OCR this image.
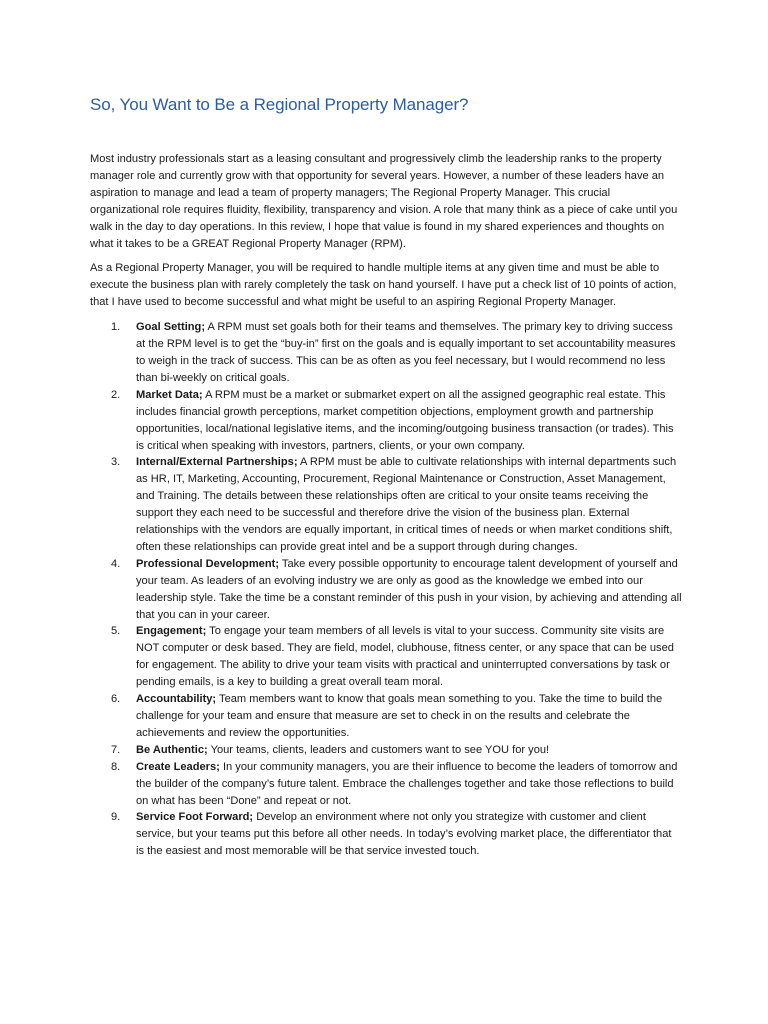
So, You Want to Be a Regional Property Manager?

Most industry professionals start as a leasing consultant and progressively climb the leadership ranks to the property manager role and currently grow with that opportunity for several years. However, a number of these leaders have an aspiration to manage and lead a team of property managers; The Regional Property Manager. This crucial organizational role requires fluidity, flexibility, transparency and vision. A role that many think as a piece of cake until you walk in the day to day operations. In this review, I hope that value is found in my shared experiences and thoughts on what it takes to be a GREAT Regional Property Manager (RPM).

As a Regional Property Manager, you will be required to handle multiple items at any given time and must be able to execute the business plan with rarely completely the task on hand yourself. I have put a check list of 10 points of action, that I have used to become successful and what might be useful to an aspiring Regional Property Manager.

1. Goal Setting; A RPM must set goals both for their teams and themselves. The primary key to driving success at the RPM level is to get the “buy-in” first on the goals and is equally important to set accountability measures to weigh in the track of success. This can be as often as you feel necessary, but I would recommend no less than bi-weekly on critical goals.
2. Market Data; A RPM must be a market or submarket expert on all the assigned geographic real estate. This includes financial growth perceptions, market competition objections, employment growth and partnership opportunities, local/national legislative items, and the incoming/outgoing business transaction (or trades). This is critical when speaking with investors, partners, clients, or your own company.
3. Internal/External Partnerships; A RPM must be able to cultivate relationships with internal departments such as HR, IT, Marketing, Accounting, Procurement, Regional Maintenance or Construction, Asset Management, and Training. The details between these relationships often are critical to your onsite teams receiving the support they each need to be successful and therefore drive the vision of the business plan. External relationships with the vendors are equally important, in critical times of needs or when market conditions shift, often these relationships can provide great intel and be a support through during changes.
4. Professional Development; Take every possible opportunity to encourage talent development of yourself and your team. As leaders of an evolving industry we are only as good as the knowledge we embed into our leadership style. Take the time be a constant reminder of this push in your vision, by achieving and attending all that you can in your career.
5. Engagement; To engage your team members of all levels is vital to your success. Community site visits are NOT computer or desk based. They are field, model, clubhouse, fitness center, or any space that can be used for engagement. The ability to drive your team visits with practical and uninterrupted conversations by task or pending emails, is a key to building a great overall team moral.
6. Accountability; Team members want to know that goals mean something to you. Take the time to build the challenge for your team and ensure that measure are set to check in on the results and celebrate the achievements and review the opportunities.
7. Be Authentic; Your teams, clients, leaders and customers want to see YOU for you!
8. Create Leaders; In your community managers, you are their influence to become the leaders of tomorrow and the builder of the company’s future talent. Embrace the challenges together and take those reflections to build on what has been “Done” and repeat or not.
9. Service Foot Forward; Develop an environment where not only you strategize with customer and client service, but your teams put this before all other needs. In today’s evolving market place, the differentiator that is the easiest and most memorable will be that service invested touch.
